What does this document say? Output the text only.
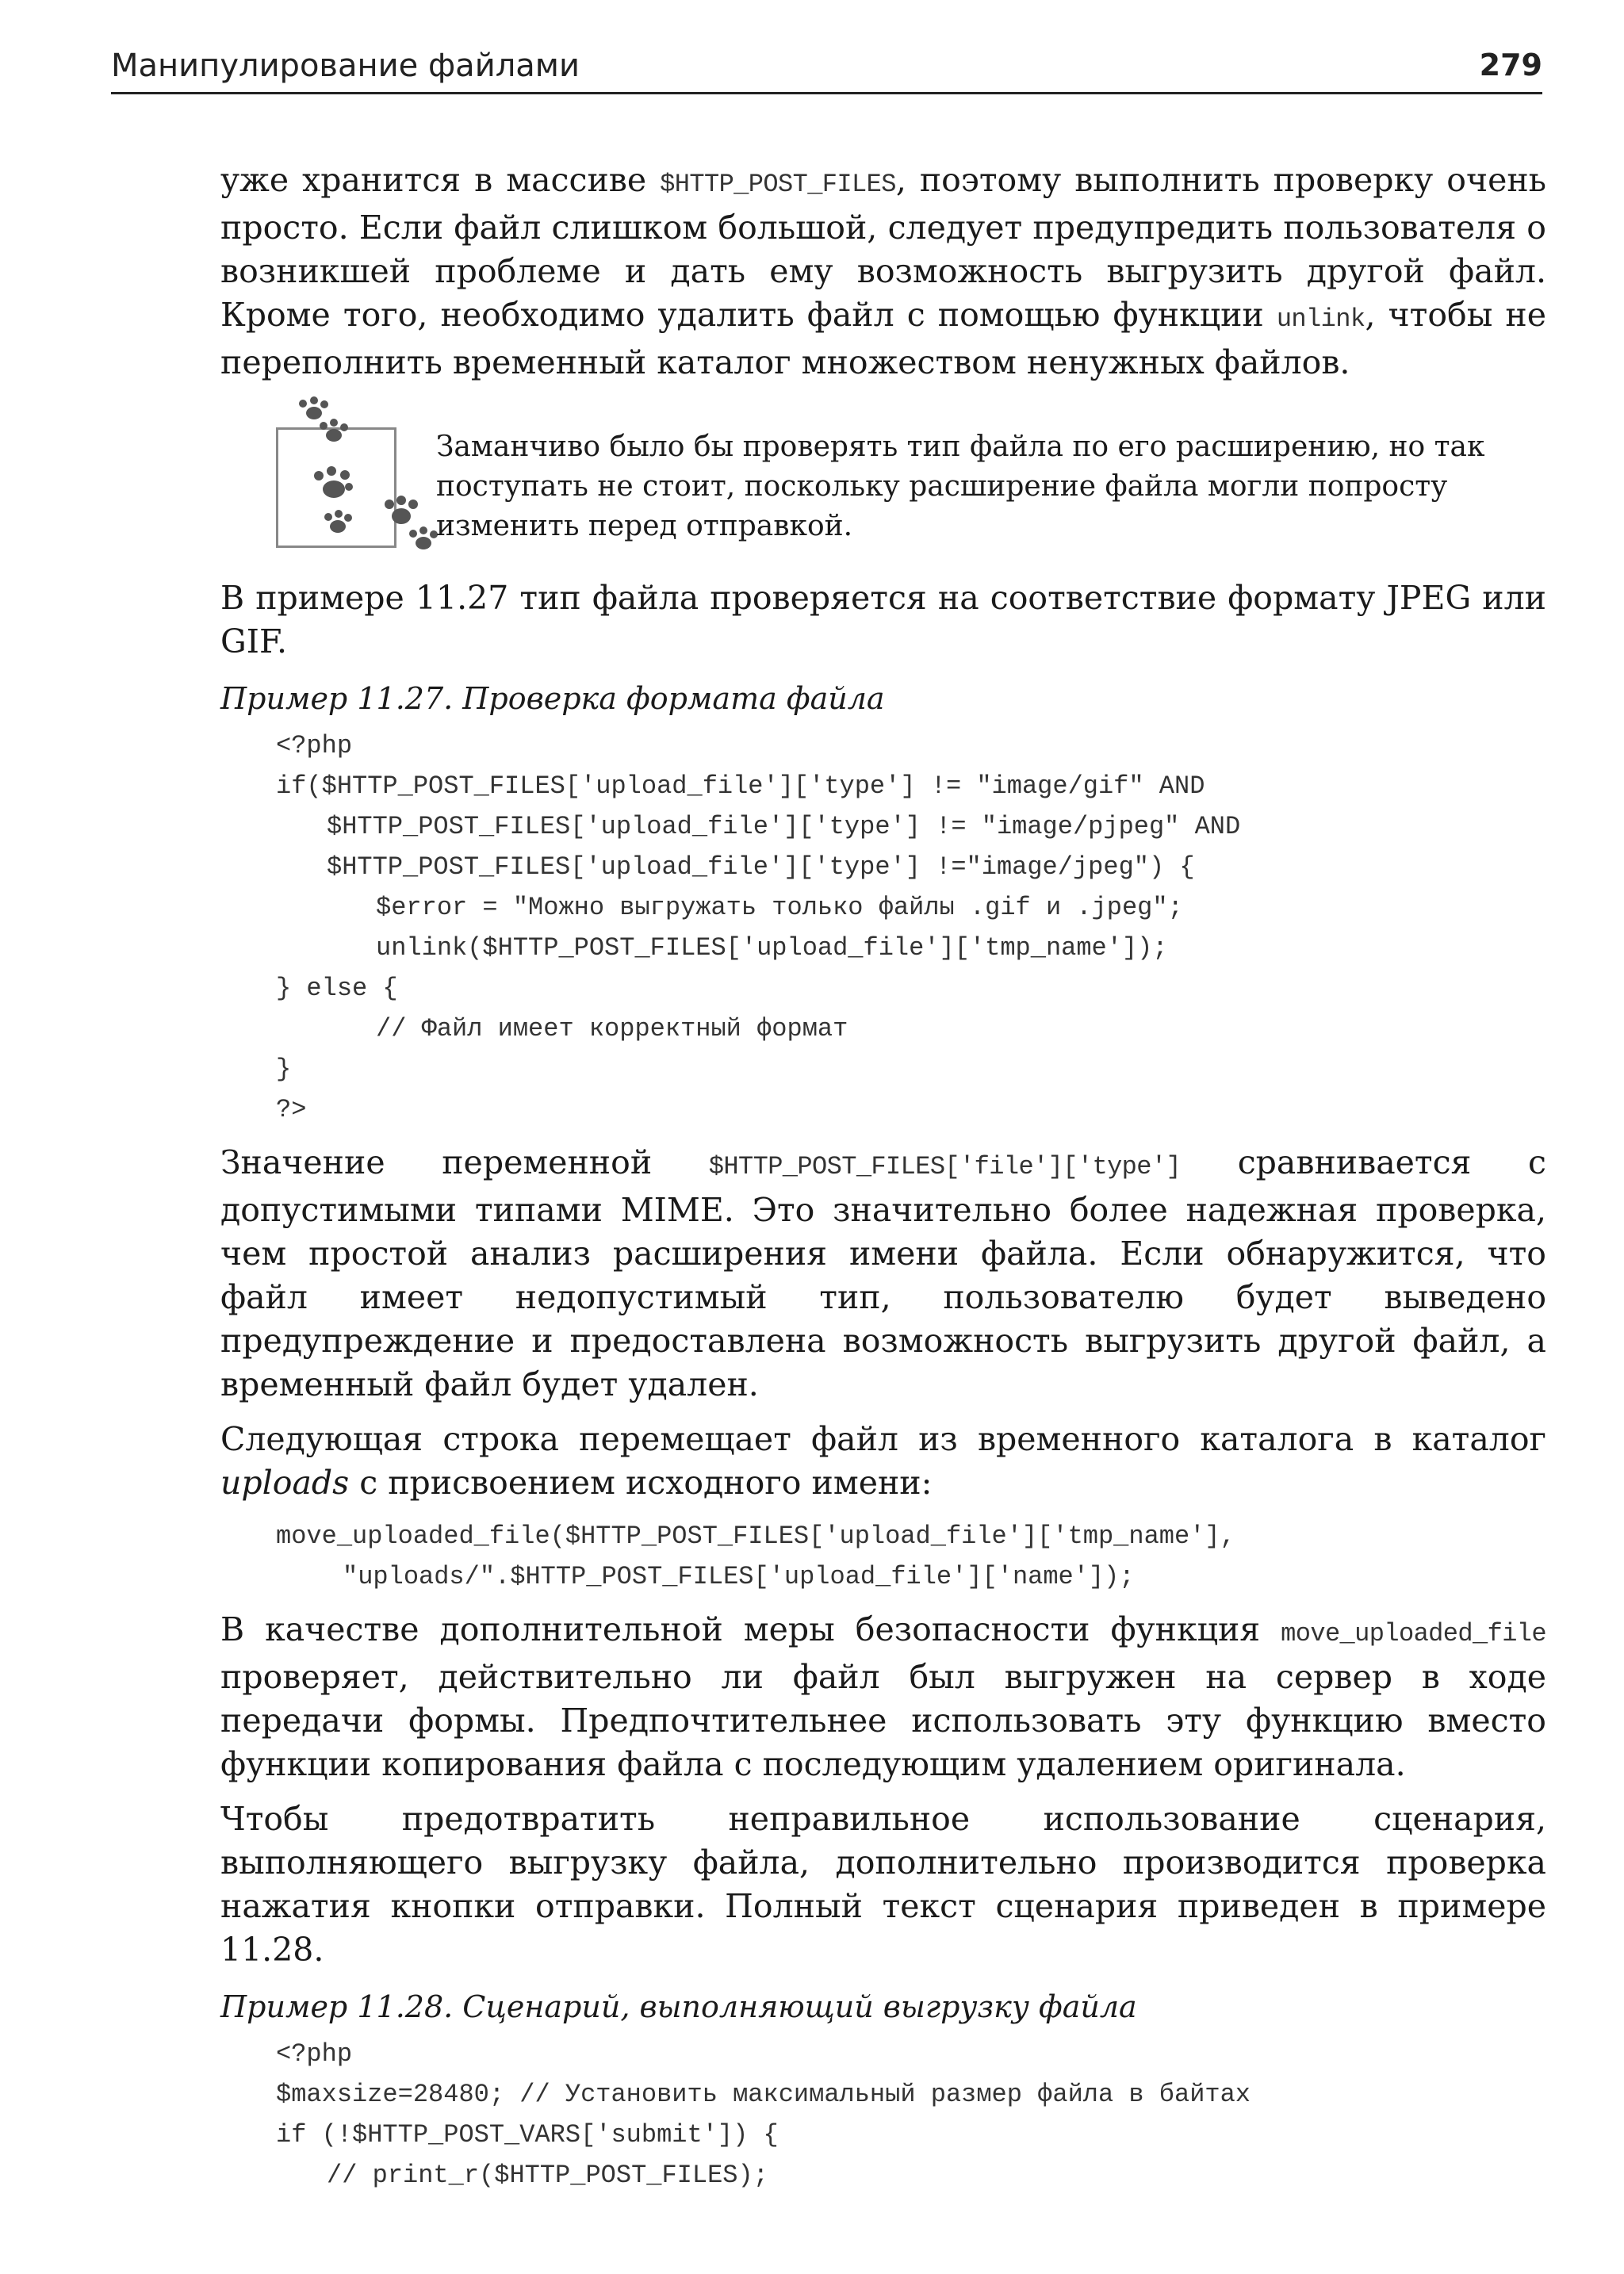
Манипулирование файлами	279

уже хранится в массиве $HTTP_POST_FILES, поэтому выполнить проверку очень просто. Если файл слишком большой, следует предупредить пользователя о возникшей проблеме и дать ему возможность выгрузить другой файл. Кроме того, необходимо удалить файл с помощью функции unlink, чтобы не переполнить временный каталог множеством ненужных файлов.

Заманчиво было бы проверять тип файла по его расширению, но так поступать не стоит, поскольку расширение файла могли попросту изменить перед отправкой.

В примере 11.27 тип файла проверяется на соответствие формату JPEG или GIF.

Пример 11.27. Проверка формата файла
<?php
if($HTTP_POST_FILES['upload_file']['type'] != "image/gif" AND
$HTTP_POST_FILES['upload_file']['type'] != "image/pjpeg" AND
$HTTP_POST_FILES['upload_file']['type'] !="image/jpeg") {
$error = "Можно выгружать только файлы .gif и .jpeg";
unlink($HTTP_POST_FILES['upload_file']['tmp_name']);
} else {
// Файл имеет корректный формат
}
?>

Значение переменной $HTTP_POST_FILES['file']['type'] сравнивается с допустимыми типами MIME. Это значительно более надежная проверка, чем простой анализ расширения имени файла. Если обнаружится, что файл имеет недопустимый тип, пользователю будет выведено предупреждение и предоставлена возможность выгрузить другой файл, а временный файл будет удален.

Следующая строка перемещает файл из временного каталога в каталог uploads с присвоением исходного имени:

move_uploaded_file($HTTP_POST_FILES['upload_file']['tmp_name'],
"uploads/".$HTTP_POST_FILES['upload_file']['name']);

В качестве дополнительной меры безопасности функция move_uploaded_file проверяет, действительно ли файл был выгружен на сервер в ходе передачи формы. Предпочтительнее использовать эту функцию вместо функции копирования файла с последующим удалением оригинала.

Чтобы предотвратить неправильное использование сценария, выполняющего выгрузку файла, дополнительно производится проверка нажатия кнопки отправки. Полный текст сценария приведен в примере 11.28.

Пример 11.28. Сценарий, выполняющий выгрузку файла
<?php
$maxsize=28480; // Установить максимальный размер файла в байтах
if (!$HTTP_POST_VARS['submit']) {
// print_r($HTTP_POST_FILES);
